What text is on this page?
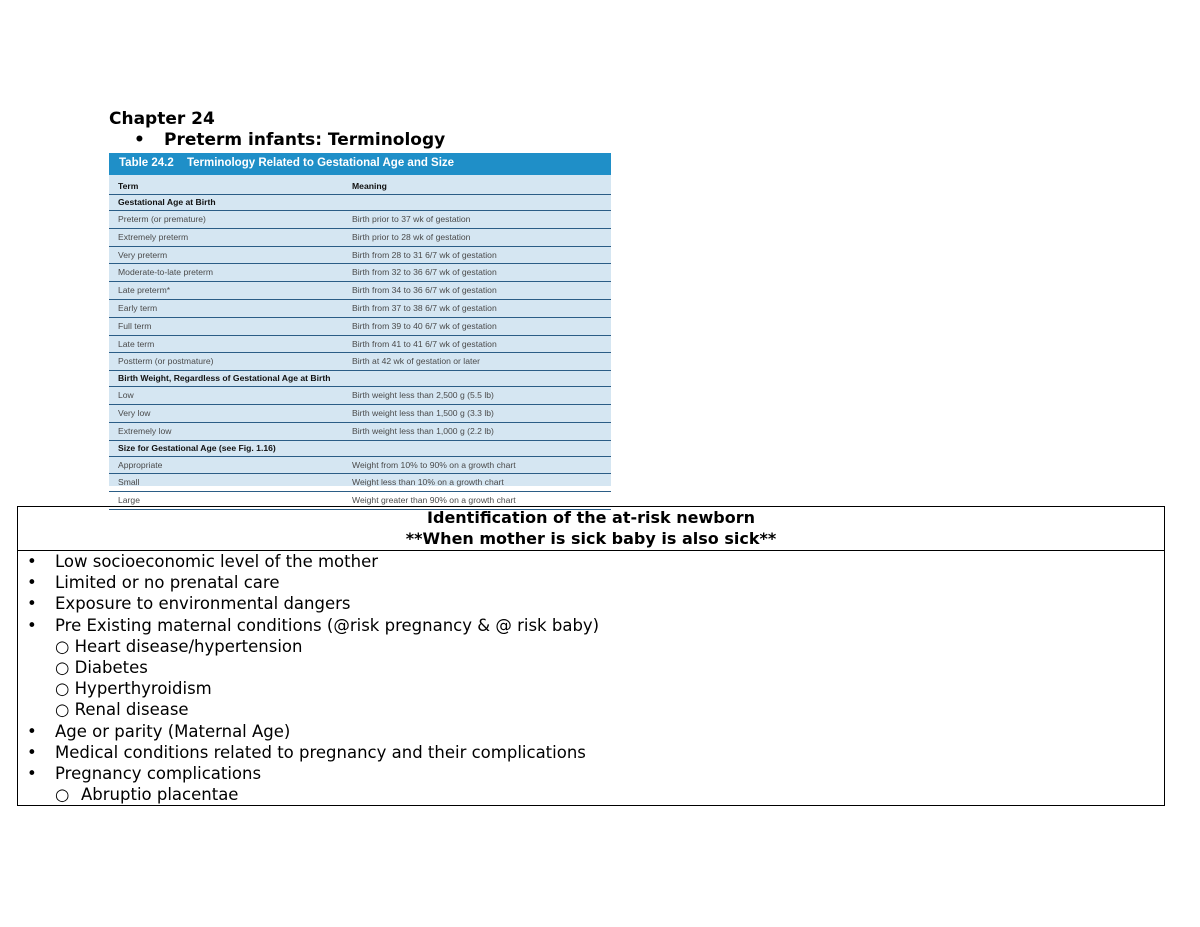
Chapter 24
• Preterm infants: Terminology
Table 24.2 Terminology Related to Gestational Age and Size
Term	Meaning
Gestational Age at Birth
Preterm (or premature)	Birth prior to 37 wk of gestation
Extremely preterm	Birth prior to 28 wk of gestation
Very preterm	Birth from 28 to 31 6/7 wk of gestation
Moderate-to-late preterm	Birth from 32 to 36 6/7 wk of gestation
Late preterm*	Birth from 34 to 36 6/7 wk of gestation
Early term	Birth from 37 to 38 6/7 wk of gestation
Full term	Birth from 39 to 40 6/7 wk of gestation
Late term	Birth from 41 to 41 6/7 wk of gestation
Postterm (or postmature)	Birth at 42 wk of gestation or later
Birth Weight, Regardless of Gestational Age at Birth
Low	Birth weight less than 2,500 g (5.5 lb)
Very low	Birth weight less than 1,500 g (3.3 lb)
Extremely low	Birth weight less than 1,000 g (2.2 lb)
Size for Gestational Age (see Fig. 1.16)
Appropriate	Weight from 10% to 90% on a growth chart
Small	Weight less than 10% on a growth chart
Large	Weight greater than 90% on a growth chart
Identification of the at-risk newborn
**When mother is sick baby is also sick**
• Low socioeconomic level of the mother
• Limited or no prenatal care
• Exposure to environmental dangers
• Pre Existing maternal conditions (@risk pregnancy & @ risk baby)
○ Heart disease/hypertension
○ Diabetes
○ Hyperthyroidism
○ Renal disease
• Age or parity (Maternal Age)
• Medical conditions related to pregnancy and their complications
• Pregnancy complications
○ Abruptio placentae
